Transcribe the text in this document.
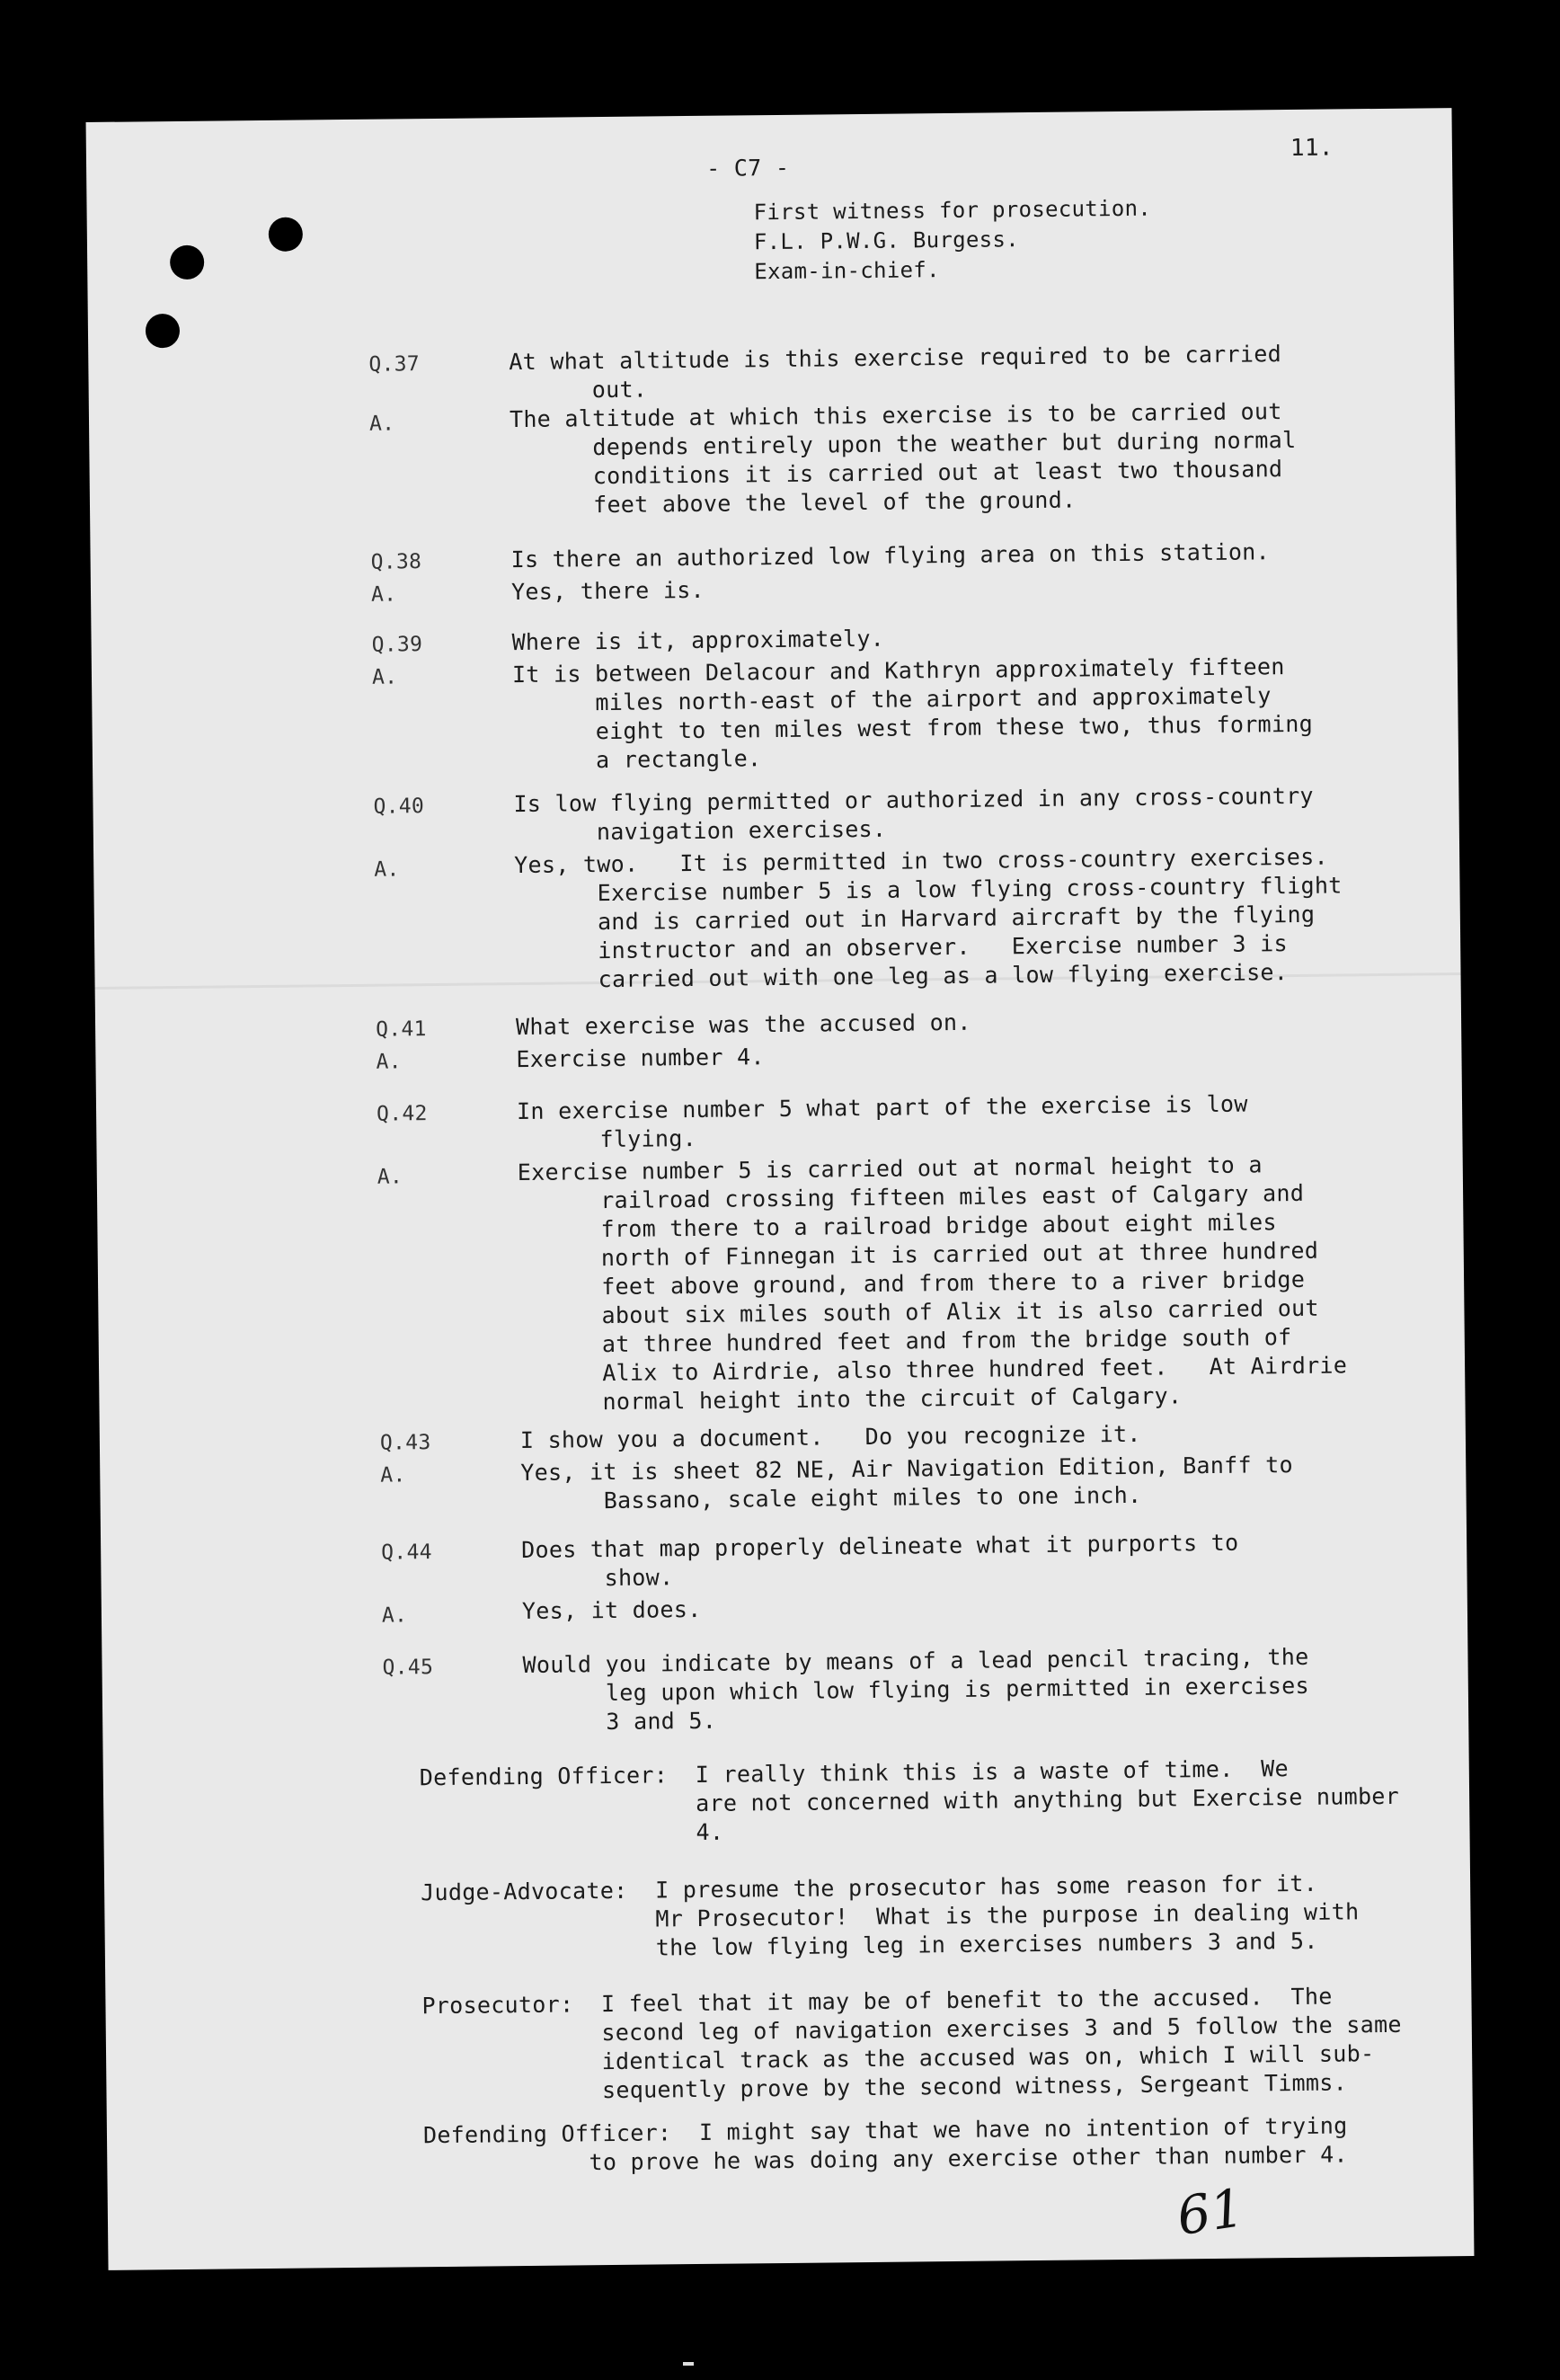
- C7 -
11.
First witness for prosecution.
F.L. P.W.G. Burgess.
Exam-in-chief.
Q.37	At what altitude is this exercise required to be carried
out.
A.	The altitude at which this exercise is to be carried out
depends entirely upon the weather but during normal
conditions it is carried out at least two thousand
feet above the level of the ground.
Q.38	Is there an authorized low flying area on this station.
A.	Yes, there is.
Q.39	Where is it, approximately.
A.	It is between Delacour and Kathryn approximately fifteen
miles north-east of the airport and approximately
eight to ten miles west from these two, thus forming
a rectangle.
Q.40	Is low flying permitted or authorized in any cross-country
navigation exercises.
A.	Yes, two.   It is permitted in two cross-country exercises.
Exercise number 5 is a low flying cross-country flight
and is carried out in Harvard aircraft by the flying
instructor and an observer.   Exercise number 3 is
carried out with one leg as a low flying exercise.
Q.41	What exercise was the accused on.
A.	Exercise number 4.
Q.42	In exercise number 5 what part of the exercise is low
flying.
A.	Exercise number 5 is carried out at normal height to a
railroad crossing fifteen miles east of Calgary and
from there to a railroad bridge about eight miles
north of Finnegan it is carried out at three hundred
feet above ground, and from there to a river bridge
about six miles south of Alix it is also carried out
at three hundred feet and from the bridge south of
Alix to Airdrie, also three hundred feet.   At Airdrie
normal height into the circuit of Calgary.
Q.43	I show you a document.   Do you recognize it.
A.	Yes, it is sheet 82 NE, Air Navigation Edition, Banff to
Bassano, scale eight miles to one inch.
Q.44	Does that map properly delineate what it purports to
show.
A.	Yes, it does.
Q.45	Would you indicate by means of a lead pencil tracing, the
leg upon which low flying is permitted in exercises
3 and 5.
Defending Officer:  I really think this is a waste of time.  We
are not concerned with anything but Exercise number
4.
Judge-Advocate:  I presume the prosecutor has some reason for it.
Mr Prosecutor!  What is the purpose in dealing with
the low flying leg in exercises numbers 3 and 5.
Prosecutor:  I feel that it may be of benefit to the accused.  The
second leg of navigation exercises 3 and 5 follow the same
identical track as the accused was on, which I will sub-
sequently prove by the second witness, Sergeant Timms.
Defending Officer:  I might say that we have no intention of trying
to prove he was doing any exercise other than number 4.
61
